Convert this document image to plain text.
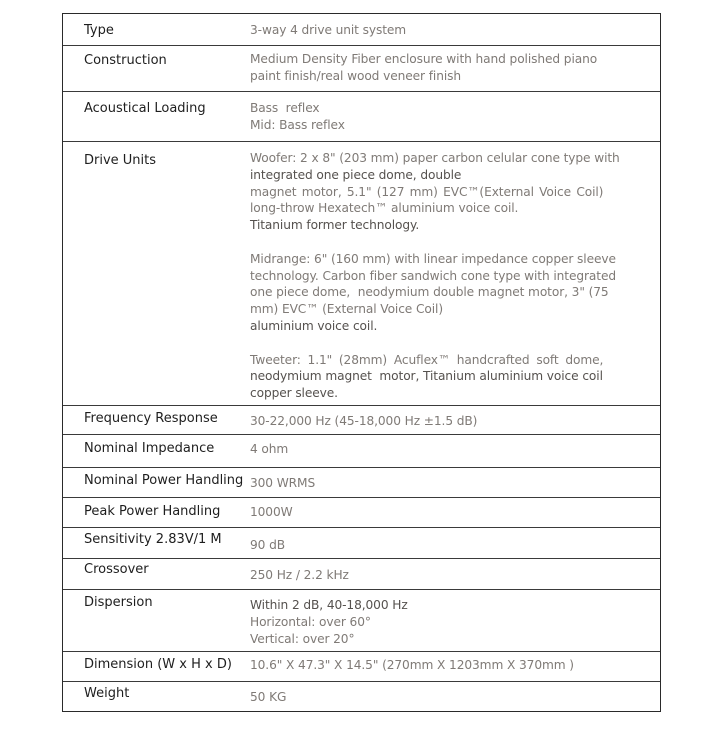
Type	3-way 4 drive unit system

Construction	Medium Density Fiber enclosure with hand polished piano

paint finish/real wood veneer finish

Acoustical Loading	Bass  reflex

Mid: Bass reflex

Drive Units	Woofer: 2 x 8" (203 mm) paper carbon celular cone type with

integrated one piece dome, double

magnet motor, 5.1" (127 mm) EVC™(External Voice Coil)

long-throw Hexatech™ aluminium voice coil.

Titanium former technology.

Midrange: 6" (160 mm) with linear impedance copper sleeve

technology. Carbon fiber sandwich cone type with integrated

one piece dome,  neodymium double magnet motor, 3" (75

mm) EVC™ (External Voice Coil)

aluminium voice coil.

Tweeter: 1.1" (28mm) Acuflex™ handcrafted soft dome,

neodymium magnet  motor, Titanium aluminium voice coil

copper sleeve.

Frequency Response	30-22,000 Hz (45-18,000 Hz ±1.5 dB)

Nominal Impedance	4 ohm

Nominal Power Handling 300 WRMS

Peak Power Handling	1000W

Sensitivity 2.83V/1 M	90 dB

Crossover	250 Hz / 2.2 kHz

Dispersion	Within 2 dB, 40-18,000 Hz

Horizontal: over 60°

Vertical: over 20°

Dimension (W x H x D)	10.6" X 47.3" X 14.5" (270mm X 1203mm X 370mm )

Weight	50 KG
